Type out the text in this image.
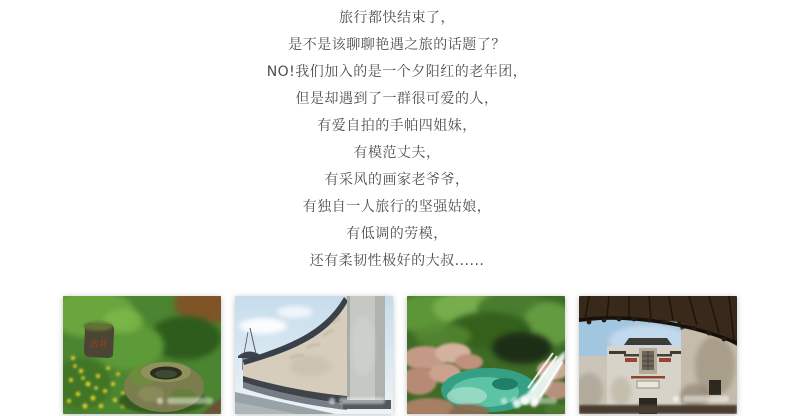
旅行都快结束了，

是不是该聊聊艳遇之旅的话题了？

NO!我们加入的是一个夕阳红的老年团，

但是却遇到了一群很可爱的人，

有爱自拍的手帕四姐妹，

有模范丈夫，

有采风的画家老爷爷，

有独自一人旅行的坚强姑娘，

有低调的劳模，

还有柔韧性极好的大叔......

古井
